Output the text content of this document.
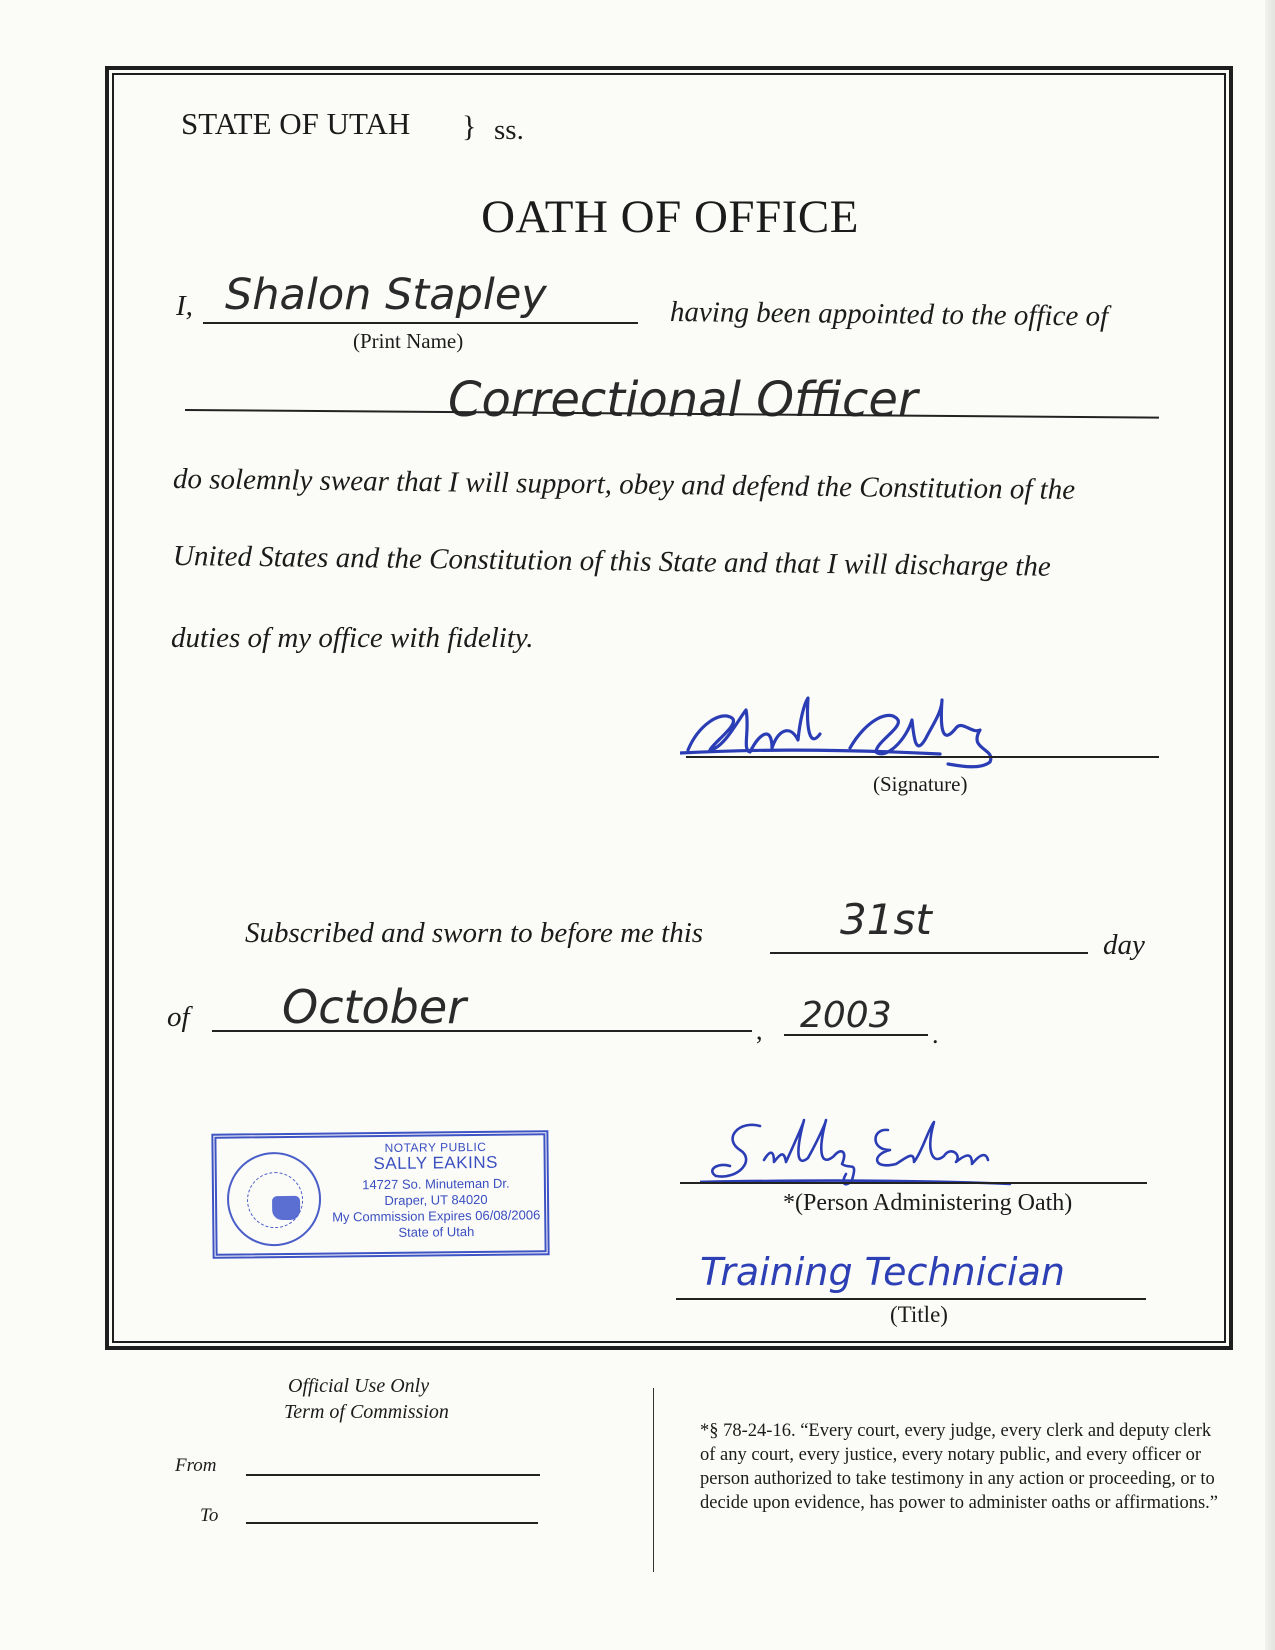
STATE OF UTAH } ss.
OATH OF OFFICE
I, Shalon Stapley
(Print Name)
having been appointed to the office of
Correctional Officer
do solemnly swear that I will support, obey and defend the Constitution of the
United States and the Constitution of this State and that I will discharge the
duties of my office with fidelity.
(Signature)
Subscribed and sworn to before me this	31st
day
of October	, 2003 .
NOTARY PUBLIC
SALLY EAKINS
14727 So. Minuteman Dr.
Draper, UT 84020
My Commission Expires 06/08/2006
State of Utah
*(Person Administering Oath)
Training Technician
(Title)
Official Use Only
Term of Commission
From
To
*§ 78-24-16. “Every court, every judge, every clerk and deputy clerk of any court, every justice, every notary public, and every officer or person authorized to take testimony in any action or proceeding, or to decide upon evidence, has power to administer oaths or affirmations.”
